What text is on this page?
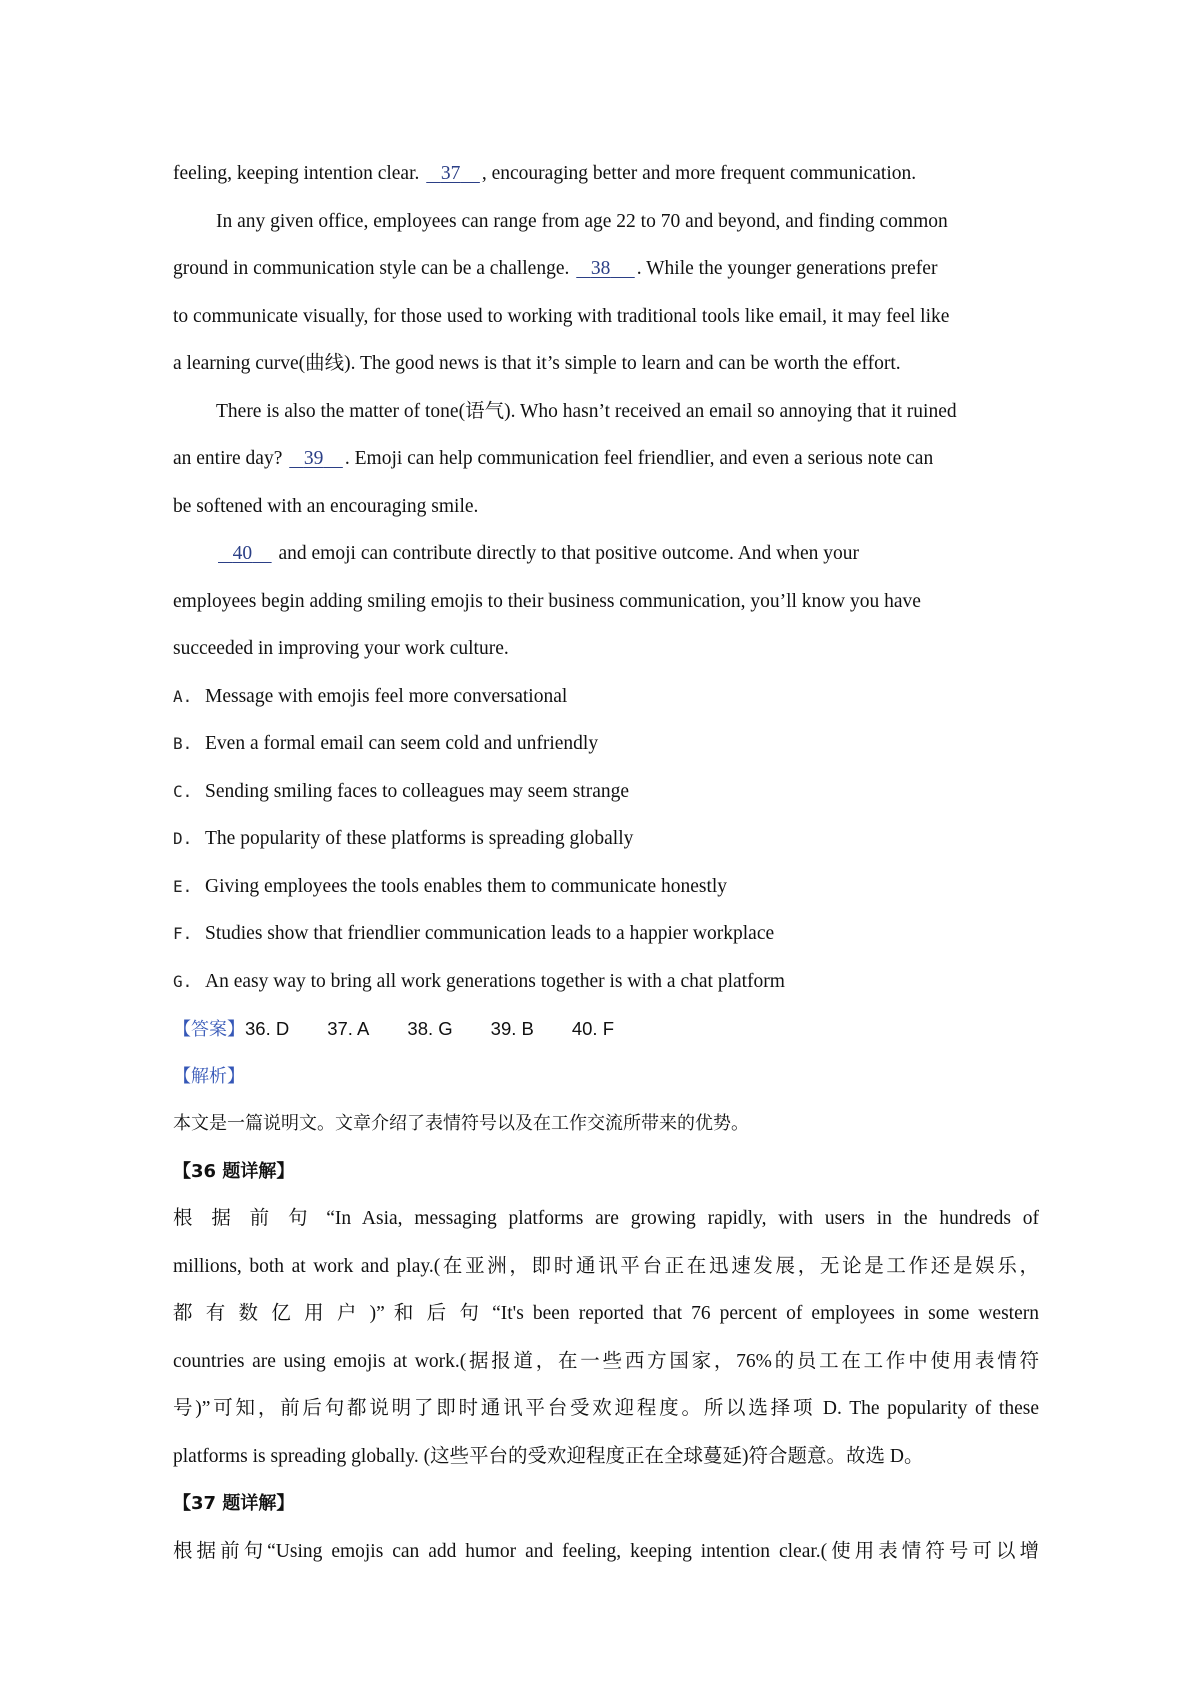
feeling, keeping intention clear.    37 , encouraging better and more frequent communication.
In any given office, employees can range from age 22 to 70 and beyond, and finding common
ground in communication style can be a challenge.    38 . While the younger generations prefer
to communicate visually, for those used to working with traditional tools like email, it may feel like
a learning curve(曲线). The good news is that it’s simple to learn and can be worth the effort.
There is also the matter of tone(语气). Who hasn’t received an email so annoying that it ruined
an entire day?    39 . Emoji can help communication feel friendlier, and even a serious note can
be softened with an encouraging smile.
40     and emoji can contribute directly to that positive outcome. And when your
employees begin adding smiling emojis to their business communication, you’ll know you have
succeeded in improving your work culture.
A. Message with emojis feel more conversational
B. Even a formal email can seem cold and unfriendly
C. Sending smiling faces to colleagues may seem strange
D. The popularity of these platforms is spreading globally
E. Giving employees the tools enables them to communicate honestly
F. Studies show that friendlier communication leads to a happier workplace
G. An easy way to bring all work generations together is with a chat platform
【答案】36. D 37. A 38. G 39. B 40. F
【解析】
本文是一篇说明文。文章介绍了表情符号以及在工作交流所带来的优势。
【36 题详解】
根 据 前 句 “In Asia, messaging platforms are growing rapidly, with users in the hundreds of
millions, both at work and play.(在亚洲，即时通讯平台正在迅速发展，无论是工作还是娱乐，
都 有 数 亿 用 户 )” 和 后 句 “It's been reported that 76 percent of employees in some western
countries are using emojis at work.(据报道，在一些西方国家，76%的员工在工作中使用表情符
号)”可知，前后句都说明了即时通讯平台受欢迎程度。所以选择项 D. The popularity of these
platforms is spreading globally. (这些平台的受欢迎程度正在全球蔓延)符合题意。故选 D。
【37 题详解】
根据前句“Using emojis can add humor and feeling, keeping intention clear.(使用表情符号可以增
